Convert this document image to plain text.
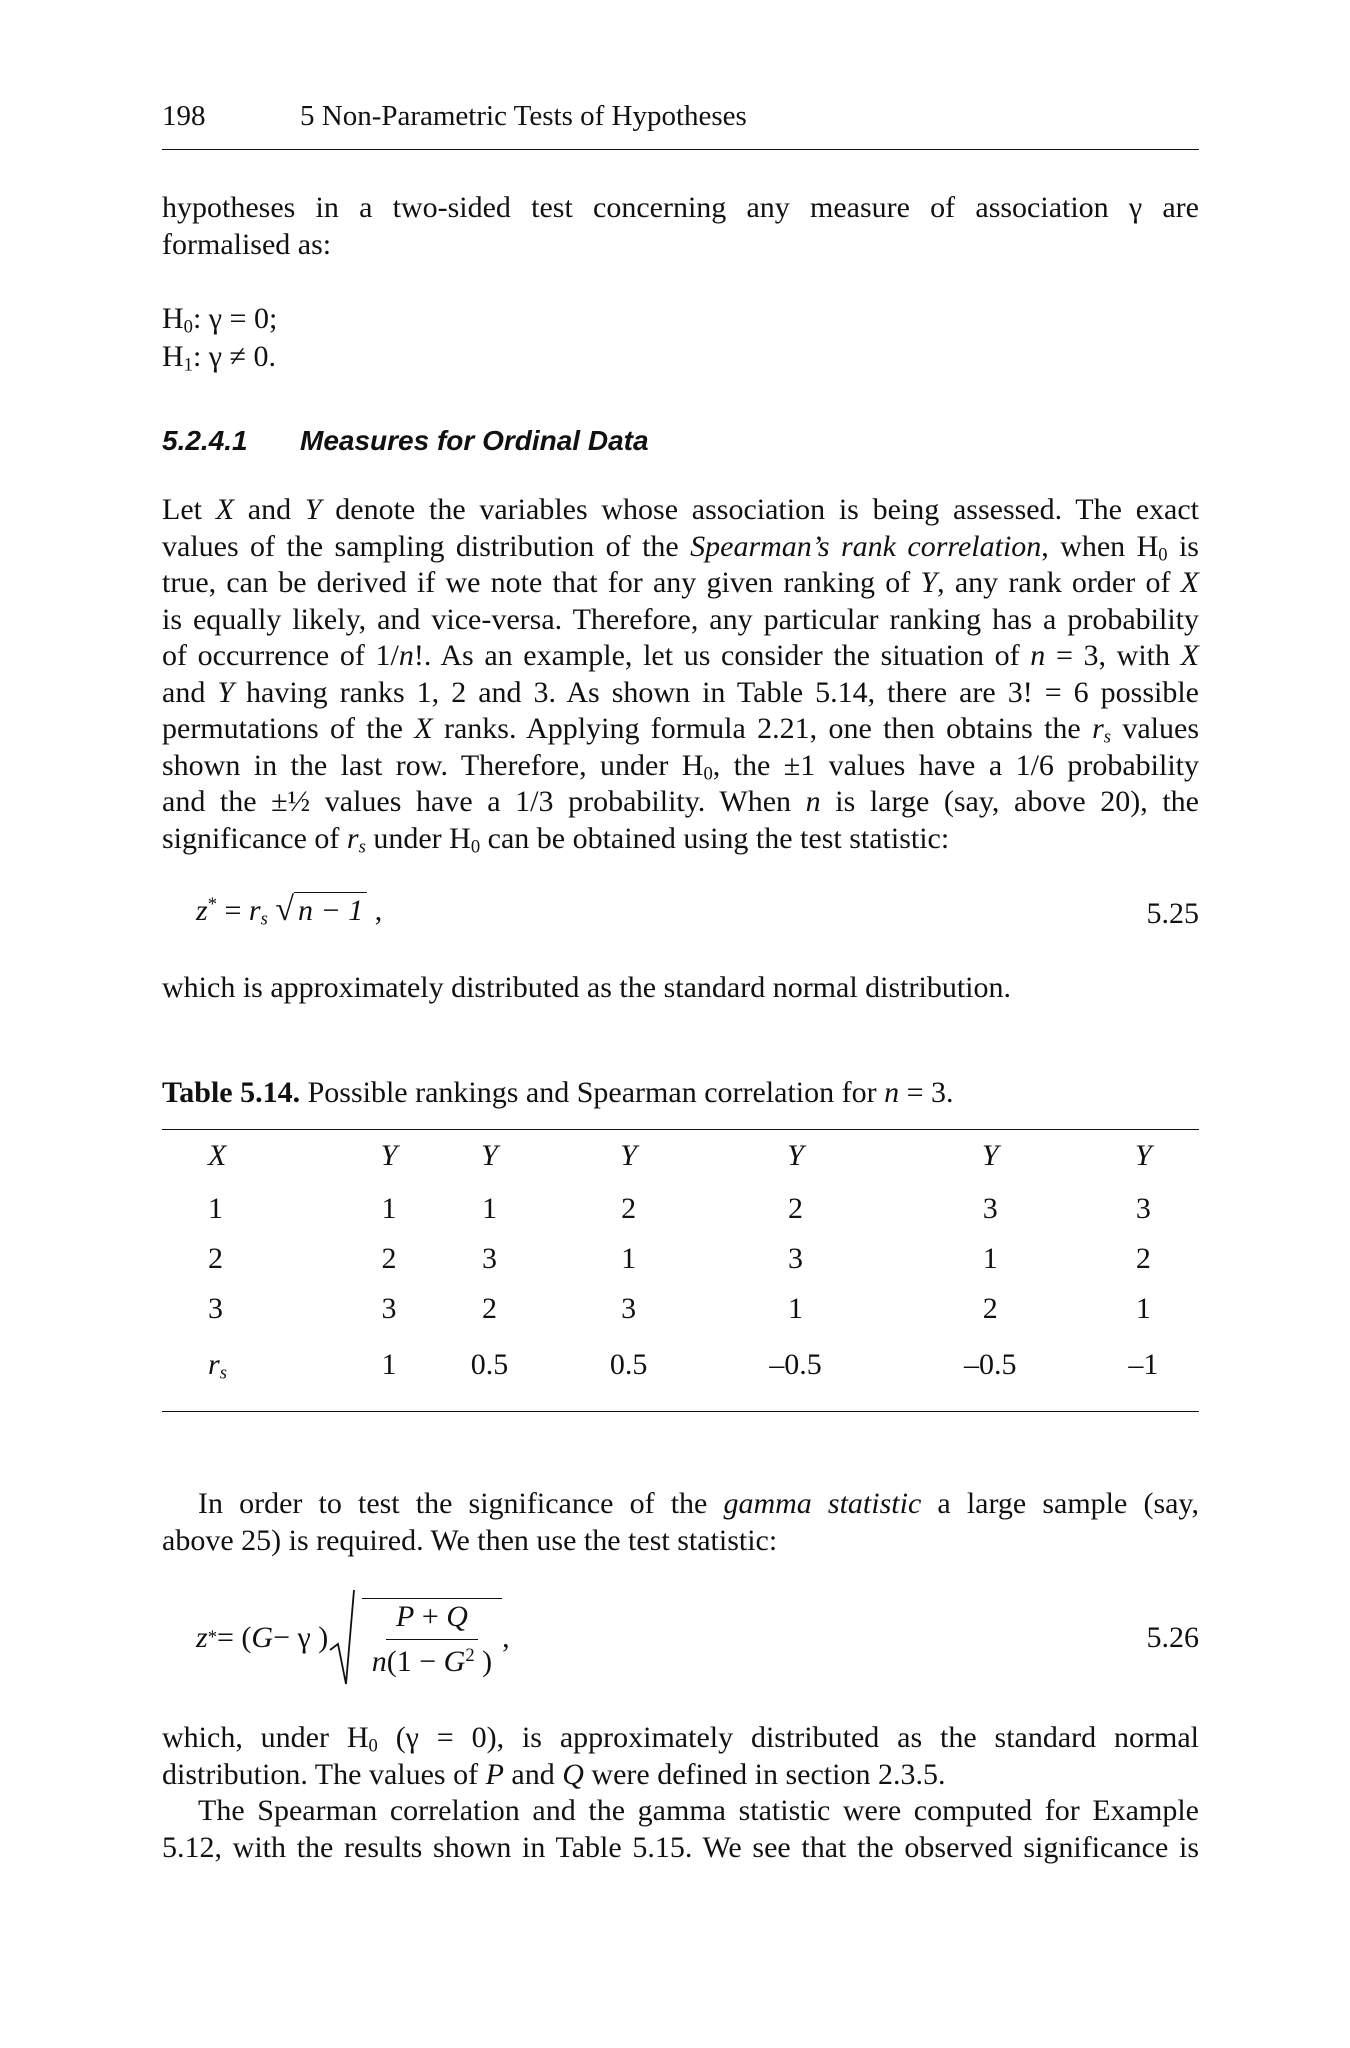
198	5 Non-Parametric Tests of Hypotheses
hypotheses in a two-sided test concerning any measure of association γ are
formalised as:
$H_0$: γ = 0;
$H_1$: γ ≠ 0.
5.2.4.1 Measures for Ordinal Data
Let X and Y denote the variables whose association is being assessed. The exact
values of the sampling distribution of the Spearman’s rank correlation, when $H_0$ is
true, can be derived if we note that for any given ranking of Y, any rank order of X
is equally likely, and vice-versa. Therefore, any particular ranking has a probability
of occurrence of 1/n!. As an example, let us consider the situation of n = 3, with X
and Y having ranks 1, 2 and 3. As shown in Table 5.14, there are 3! = 6 possible
permutations of the X ranks. Applying formula 2.21, one then obtains the $r_s$ values
shown in the last row. Therefore, under $H_0$, the ±1 values have a 1/6 probability
and the ±½ values have a 1/3 probability. When n is large (say, above 20), the
significance of $r_s$ under $H_0$ can be obtained using the test statistic:
$z^* = r_s$ √ n − 1 ,	5.25
which is approximately distributed as the standard normal distribution.
Table 5.14. Possible rankings and Spearman correlation for n = 3.
X	Y	Y	Y	Y	Y	Y
1	1	1	2	2	3	3
2	2	3	1	3	1	2
3	3	2	3	1	2	1
$r_s$	1	0.5	0.5	–0.5	–0.5	–1
In order to test the significance of the gamma statistic a large sample (say,
above 25) is required. We then use the test statistic:
z * = ( G − γ )
$\frac{P + Q}{n(1 - G^2 )}$ ,	5.26
which, under $H_0$ (γ = 0), is approximately distributed as the standard normal
distribution. The values of P and Q were defined in section 2.3.5.
The Spearman correlation and the gamma statistic were computed for Example
5.12, with the results shown in Table 5.15. We see that the observed significance is
